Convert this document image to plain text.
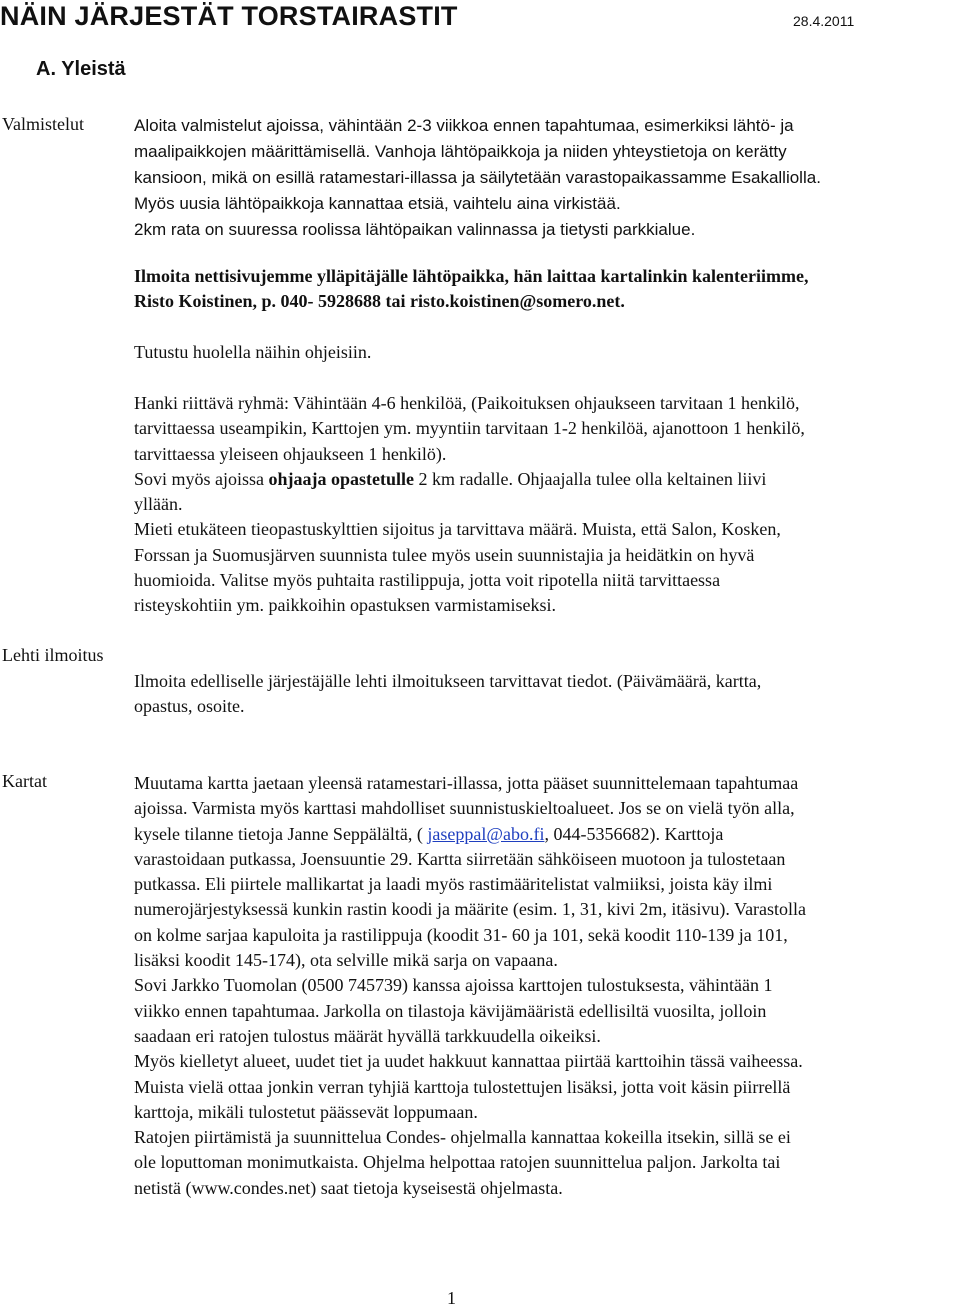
NÄIN JÄRJESTÄT TORSTAIRASTIT	28.4.2011
A. Yleistä
Valmistelut	Aloita valmistelut ajoissa, vähintään 2-3 viikkoa ennen tapahtumaa, esimerkiksi lähtö- ja
maalipaikkojen määrittämisellä. Vanhoja lähtöpaikkoja ja niiden yhteystietoja on kerätty
kansioon, mikä on esillä ratamestari-illassa ja säilytetään varastopaikassamme Esakalliolla.
Myös uusia lähtöpaikkoja kannattaa etsiä, vaihtelu aina virkistää.
2km rata on suuressa roolissa lähtöpaikan valinnassa ja tietysti parkkialue.
Ilmoita nettisivujemme ylläpitäjälle lähtöpaikka, hän laittaa kartalinkin kalenteriimme,
Risto Koistinen, p. 040- 5928688 tai risto.koistinen@somero.net.
Tutustu huolella näihin ohjeisiin.
Hanki riittävä ryhmä: Vähintään 4-6 henkilöä, (Paikoituksen ohjaukseen tarvitaan 1 henkilö,
tarvittaessa useampikin, Karttojen ym. myyntiin tarvitaan 1-2 henkilöä, ajanottoon 1 henkilö,
tarvittaessa yleiseen ohjaukseen 1 henkilö).
Sovi myös ajoissa ohjaaja opastetulle 2 km radalle. Ohjaajalla tulee olla keltainen liivi
yllään.
Mieti etukäteen tieopastuskylttien sijoitus ja tarvittava määrä. Muista, että Salon, Kosken,
Forssan ja Suomusjärven suunnista tulee myös usein suunnistajia ja heidätkin on hyvä
huomioida. Valitse myös puhtaita rastilippuja, jotta voit ripotella niitä tarvittaessa
risteyskohtiin ym. paikkoihin opastuksen varmistamiseksi.
Lehti ilmoitus
Ilmoita edelliselle järjestäjälle lehti ilmoitukseen tarvittavat tiedot. (Päivämäärä, kartta,
opastus, osoite.
Kartat	Muutama kartta jaetaan yleensä ratamestari-illassa, jotta pääset suunnittelemaan tapahtumaa
ajoissa. Varmista myös karttasi mahdolliset suunnistuskieltoalueet. Jos se on vielä työn alla,
kysele tilanne tietoja Janne Seppälältä, ( jaseppal@abo.fi, 044-5356682). Karttoja
varastoidaan putkassa, Joensuuntie 29. Kartta siirretään sähköiseen muotoon ja tulostetaan
putkassa. Eli piirtele mallikartat ja laadi myös rastimääritelistat valmiiksi, joista käy ilmi
numerojärjestyksessä kunkin rastin koodi ja määrite (esim. 1, 31, kivi 2m, itäsivu). Varastolla
on kolme sarjaa kapuloita ja rastilippuja (koodit 31- 60 ja 101, sekä koodit 110-139 ja 101,
lisäksi koodit 145-174), ota selville mikä sarja on vapaana.
Sovi Jarkko Tuomolan (0500 745739) kanssa ajoissa karttojen tulostuksesta, vähintään 1
viikko ennen tapahtumaa. Jarkolla on tilastoja kävijämääristä edellisiltä vuosilta, jolloin
saadaan eri ratojen tulostus määrät hyvällä tarkkuudella oikeiksi.
Myös kielletyt alueet, uudet tiet ja uudet hakkuut kannattaa piirtää karttoihin tässä vaiheessa.
Muista vielä ottaa jonkin verran tyhjiä karttoja tulostettujen lisäksi, jotta voit käsin piirrellä
karttoja, mikäli tulostetut päässevät loppumaan.
Ratojen piirtämistä ja suunnittelua Condes- ohjelmalla kannattaa kokeilla itsekin, sillä se ei
ole loputtoman monimutkaista. Ohjelma helpottaa ratojen suunnittelua paljon. Jarkolta tai
netistä (www.condes.net) saat tietoja kyseisestä ohjelmasta.
1
